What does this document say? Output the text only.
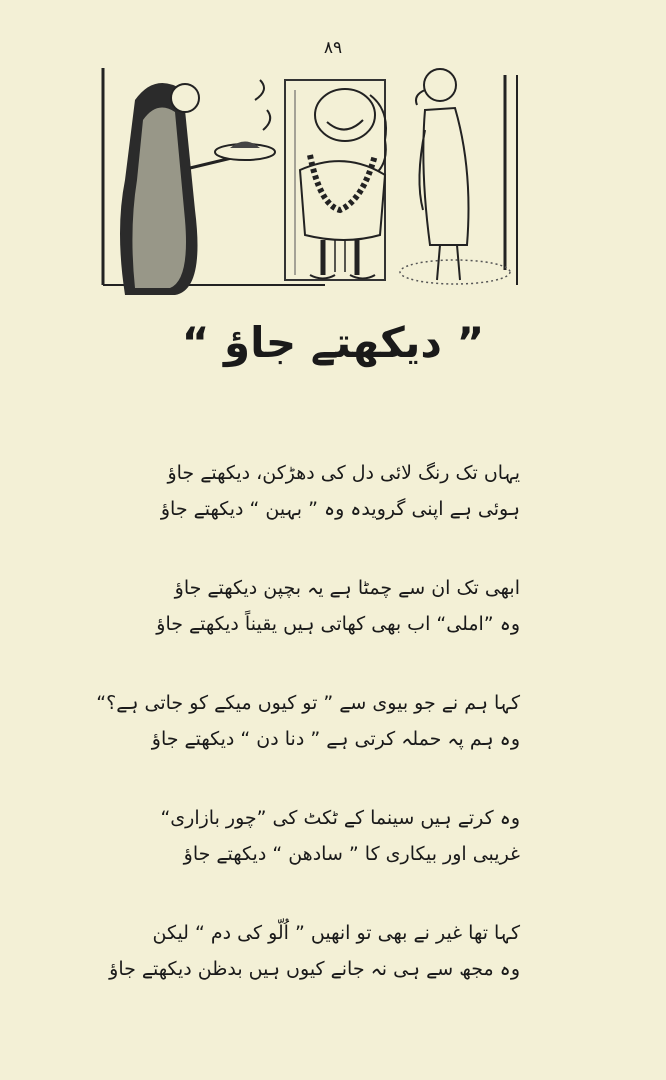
۸۹
” دیکھتے جاؤ “
یہاں تک رنگ لائی دل کی دھڑکن، دیکھتے جاؤ
ہوئی ہے اپنی گرویدہ وہ ” بہین “ دیکھتے جاؤ
ابھی تک ان سے چمٹا ہے یہ بچپن دیکھتے جاؤ
وہ ”املی“ اب بھی کھاتی ہیں یقیناً دیکھتے جاؤ
کہا ہم نے جو بیوی سے ” تو کیوں میکے کو جاتی ہے؟“
وہ ہم پہ حملہ کرتی ہے ” دنا دن “ دیکھتے جاؤ
وہ کرتے ہیں سینما کے ٹکٹ کی ”چور بازاری“
غریبی اور بیکاری کا ” سادھن “ دیکھتے جاؤ
کہا تھا غیر نے بھی تو انھیں ” اُلّو کی دم “ لیکن
وہ مجھ سے ہی نہ جانے کیوں ہیں بدظن دیکھتے جاؤ
